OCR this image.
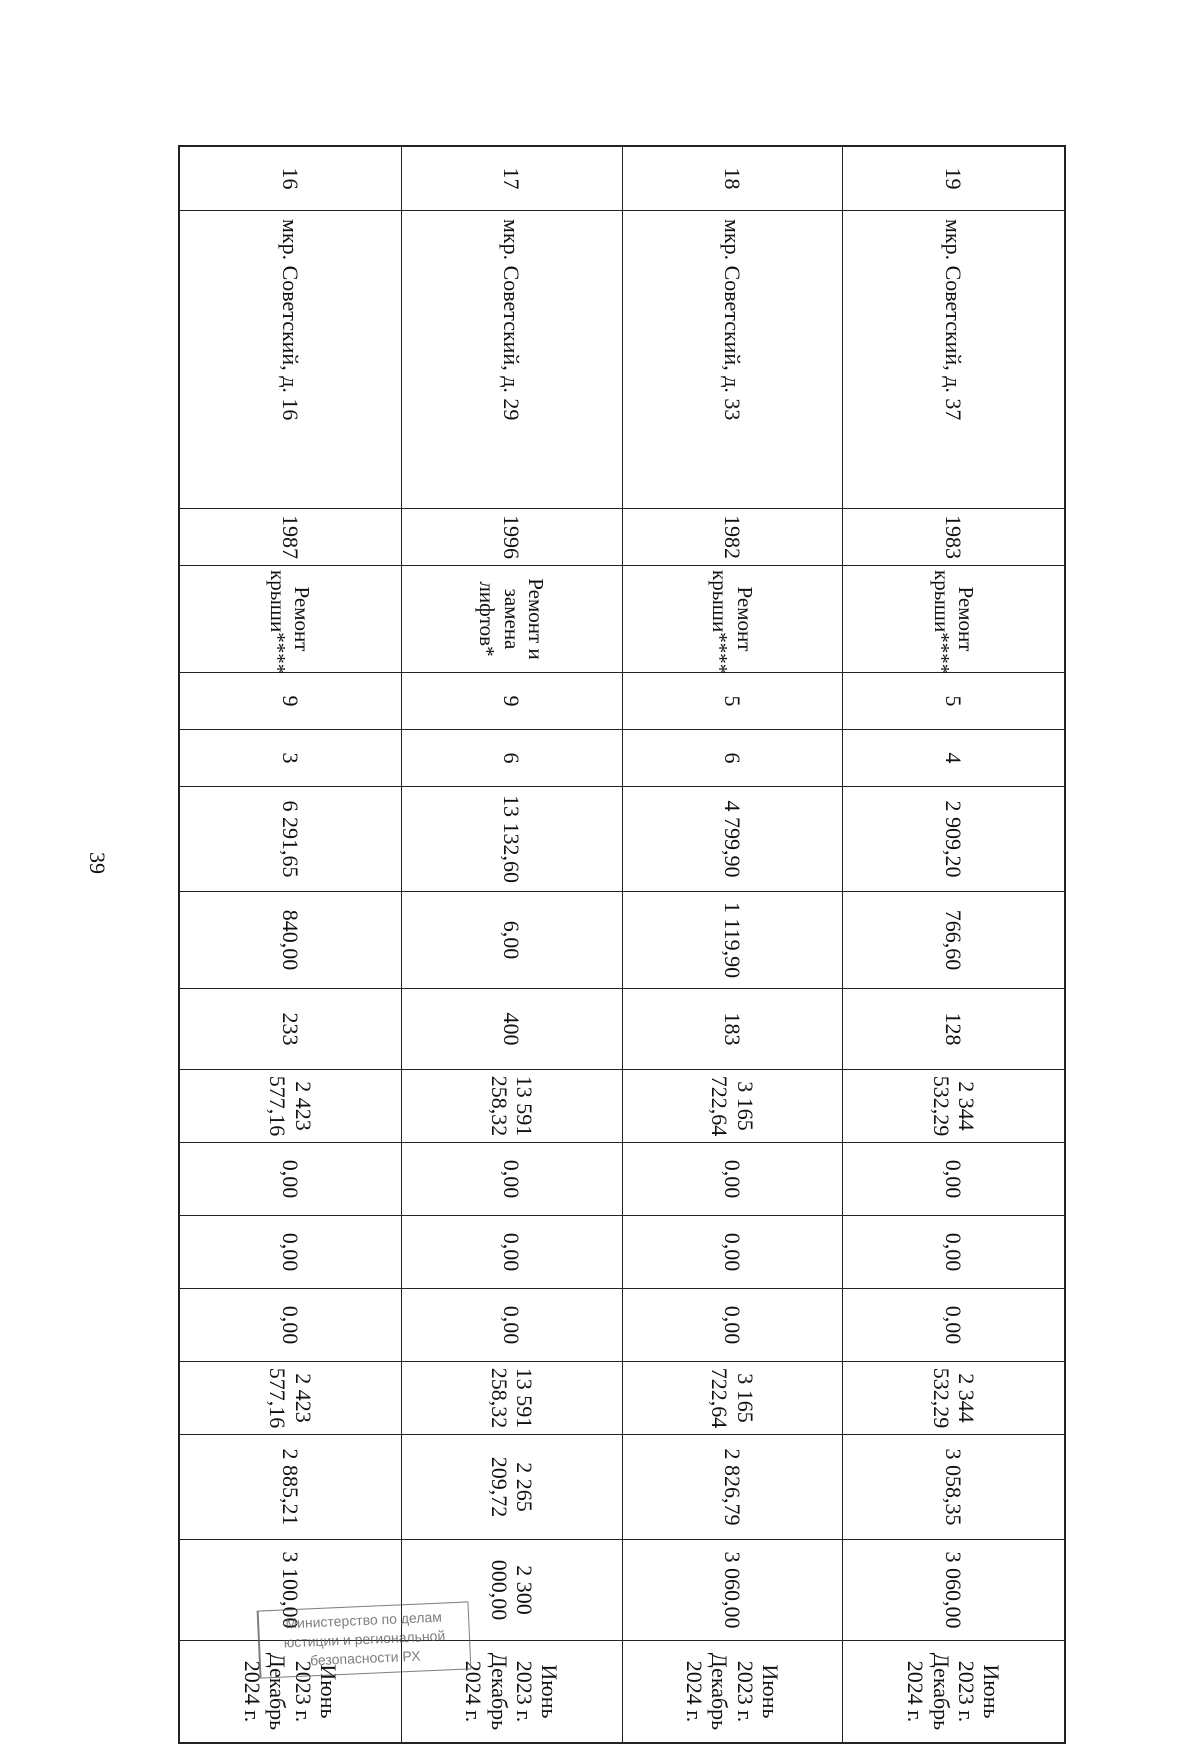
39
19	мкр. Советский, д. 37	1983	Ремонт крыши****	5	4	2 909,20	766,60	128	2 344 532,29	0,00	0,00	0,00	2 344 532,29	3 058,35	3 060,00	Июнь 2023 г.
Декабрь 2024 г.

18	мкр. Советский, д. 33	1982	Ремонт крыши****	5	6	4 799,90	1 119,90	183	3 165 722,64	0,00	0,00	0,00	3 165 722,64	2 826,79	3 060,00	Июнь 2023 г.
Декабрь 2024 г.

17	мкр. Советский, д. 29	1996	Ремонт и замена лифтов*	9	6	13 132,60	6,00	400	13 591 258,32	0,00	0,00	0,00	13 591 258,32	2 265 209,72	2 300 000,00	Июнь 2023 г.
Декабрь 2024 г.

16	мкр. Советский, д. 16	1987	Ремонт крыши****	9	3	6 291,65	840,00	233	2 423 577,16	0,00	0,00	0,00	2 423 577,16	2 885,21	3 100,00	Июнь 2023 г.
Декабрь 2024 г.
Министерство по делам
юстиции и региональной
безопасности РХ
